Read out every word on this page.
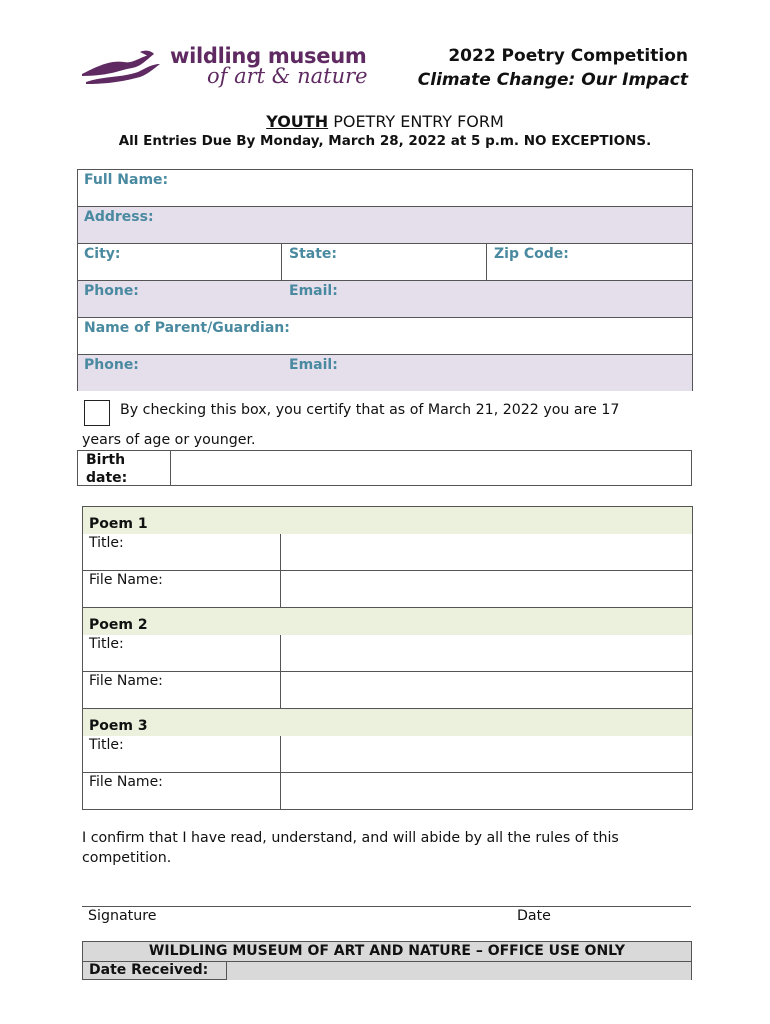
wildling museum
of art & nature
2022 Poetry Competition
Climate Change: Our Impact
YOUTH POETRY ENTRY FORM
All Entries Due By Monday, March 28, 2022 at 5 p.m. NO EXCEPTIONS.
Full Name:
Address:
City:	State:	Zip Code:
Phone:	Email:
Name of Parent/Guardian:
Phone:	Email:
By checking this box, you certify that as of March 21, 2022 you are 17
years of age or younger.
Birth
date:
Poem 1
Title:
File Name:
Poem 2
Title:
File Name:
Poem 3
Title:
File Name:
I confirm that I have read, understand, and will abide by all the rules of this competition.
Signature	Date
WILDLING MUSEUM OF ART AND NATURE – OFFICE USE ONLY
Date Received:
